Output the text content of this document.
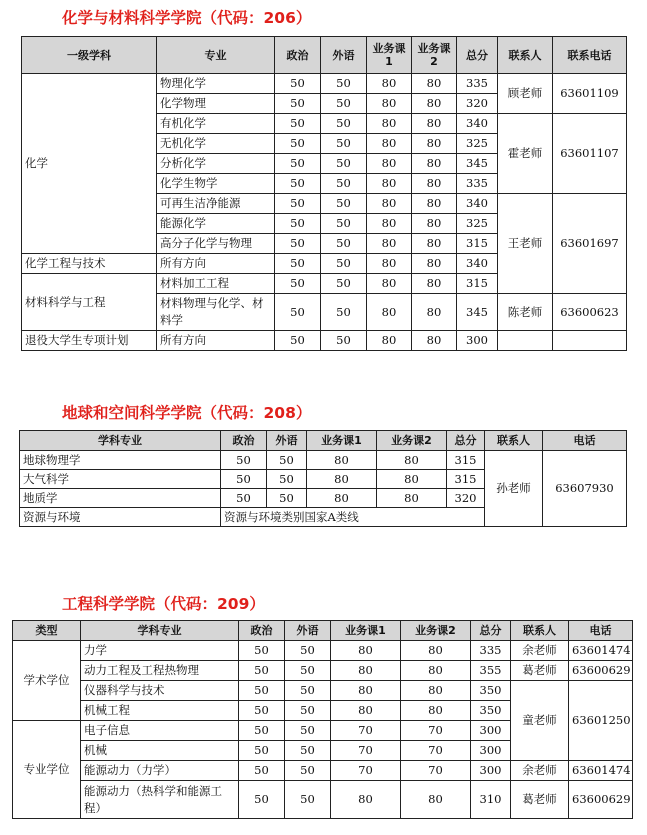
化学与材料科学学院（代码：206）
一级学科	专业	政治	外语	业务课1	业务课2	总分	联系人	联系电话
化学	物理化学	50	50	80	80	335	顾老师	63601109
	化学物理	50	50	80	80	320		
	有机化学	50	50	80	80	340	霍老师	63601107
	无机化学	50	50	80	80	325		
	分析化学	50	50	80	80	345		
	化学生物学	50	50	80	80	335		
	可再生洁净能源	50	50	80	80	340	王老师	63601697
	能源化学	50	50	80	80	325		
	高分子化学与物理	50	50	80	80	315		
化学工程与技术	所有方向	50	50	80	80	340		
材料科学与工程	材料加工工程	50	50	80	80	315		
	材料物理与化学、材料学	50	50	80	80	345	陈老师	63600623
退役大学生专项计划	所有方向	50	50	80	80	300		
地球和空间科学学院（代码：208）
学科专业	政治	外语	业务课1	业务课2	总分	联系人	电话
地球物理学	50	50	80	80	315	孙老师	63607930
大气科学	50	50	80	80	315		
地质学	50	50	80	80	320		
资源与环境	资源与环境类别国家A类线						
工程科学学院（代码：209）
类型	学科专业	政治	外语	业务课1	业务课2	总分	联系人	电话
学术学位	力学	50	50	80	80	335	余老师	63601474
	动力工程及工程热物理	50	50	80	80	355	葛老师	63600629
	仪器科学与技术	50	50	80	80	350	童老师	63601250
	机械工程	50	50	80	80	350		
专业学位	电子信息	50	50	70	70	300		
	机械	50	50	70	70	300		
	能源动力（力学）	50	50	70	70	300	余老师	63601474
	能源动力（热科学和能源工程）	50	50	80	80	310	葛老师	63600629
